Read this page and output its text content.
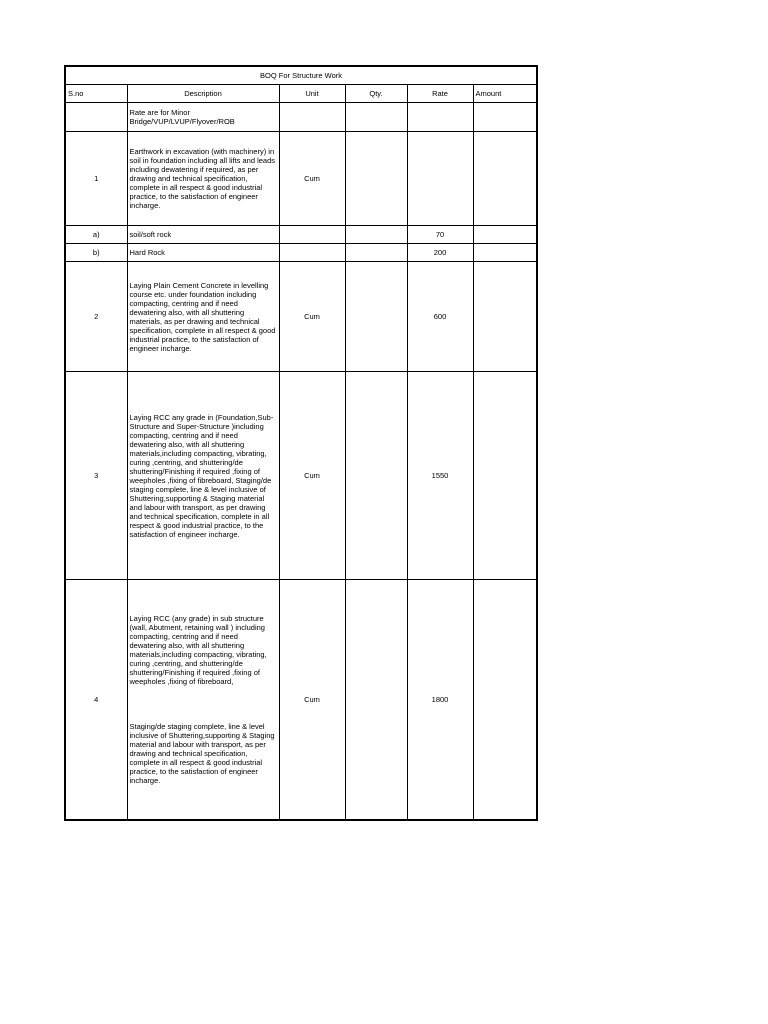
BOQ For Structure Work					
S.no	Description	Unit	Qty.	Rate	Amount
	Rate are for Minor
Bridge/VUP/LVUP/Flyover/ROB				
1	Earthwork in excavation (with machinery) in soil in foundation including all lifts and leads including dewatering if required, as per drawing and technical specification, complete in all respect & good industrial practice, to the satisfaction of engineer incharge.	Cum			
a)	soil/soft rock			70	
b)	Hard Rock			200	
2	Laying Plain Cement Concrete in levelling course etc. under foundation including compacting, centring and if need dewatering also, with all shuttering materials, as per drawing and technical specification, complete in all respect & good industrial practice, to the satisfaction of engineer incharge.	Cum		600	
3	Laying RCC any grade in (Foundation,Sub-Structure and Super-Structure )including compacting, centring and if need dewatering also, with all shuttering materials,including compacting, vibrating,
curing ,centring, and shuttering/de shuttering/Finishing if required ,fixing of weepholes ,fixing of fibreboard, Staging/de staging complete, line & level inclusive of Shuttering,supporting & Staging material and labour with transport, as per drawing and technical specification, complete in all respect & good industrial practice, to the satisfaction of engineer incharge.	Cum		1550	
4	Laying RCC (any grade) in sub structure (wall, Abutment, retaining wall ) including compacting, centring and if need dewatering also, with all shuttering materials,including compacting, vibrating,
curing ,centring, and shuttering/de shuttering/Finishing if required ,fixing of weepholes ,fixing of fibreboard,

Staging/de staging complete, line & level inclusive of Shuttering,supporting & Staging material and labour with transport, as per drawing and technical specification, complete in all respect & good industrial practice, to the satisfaction of engineer incharge.	Cum		1800	
